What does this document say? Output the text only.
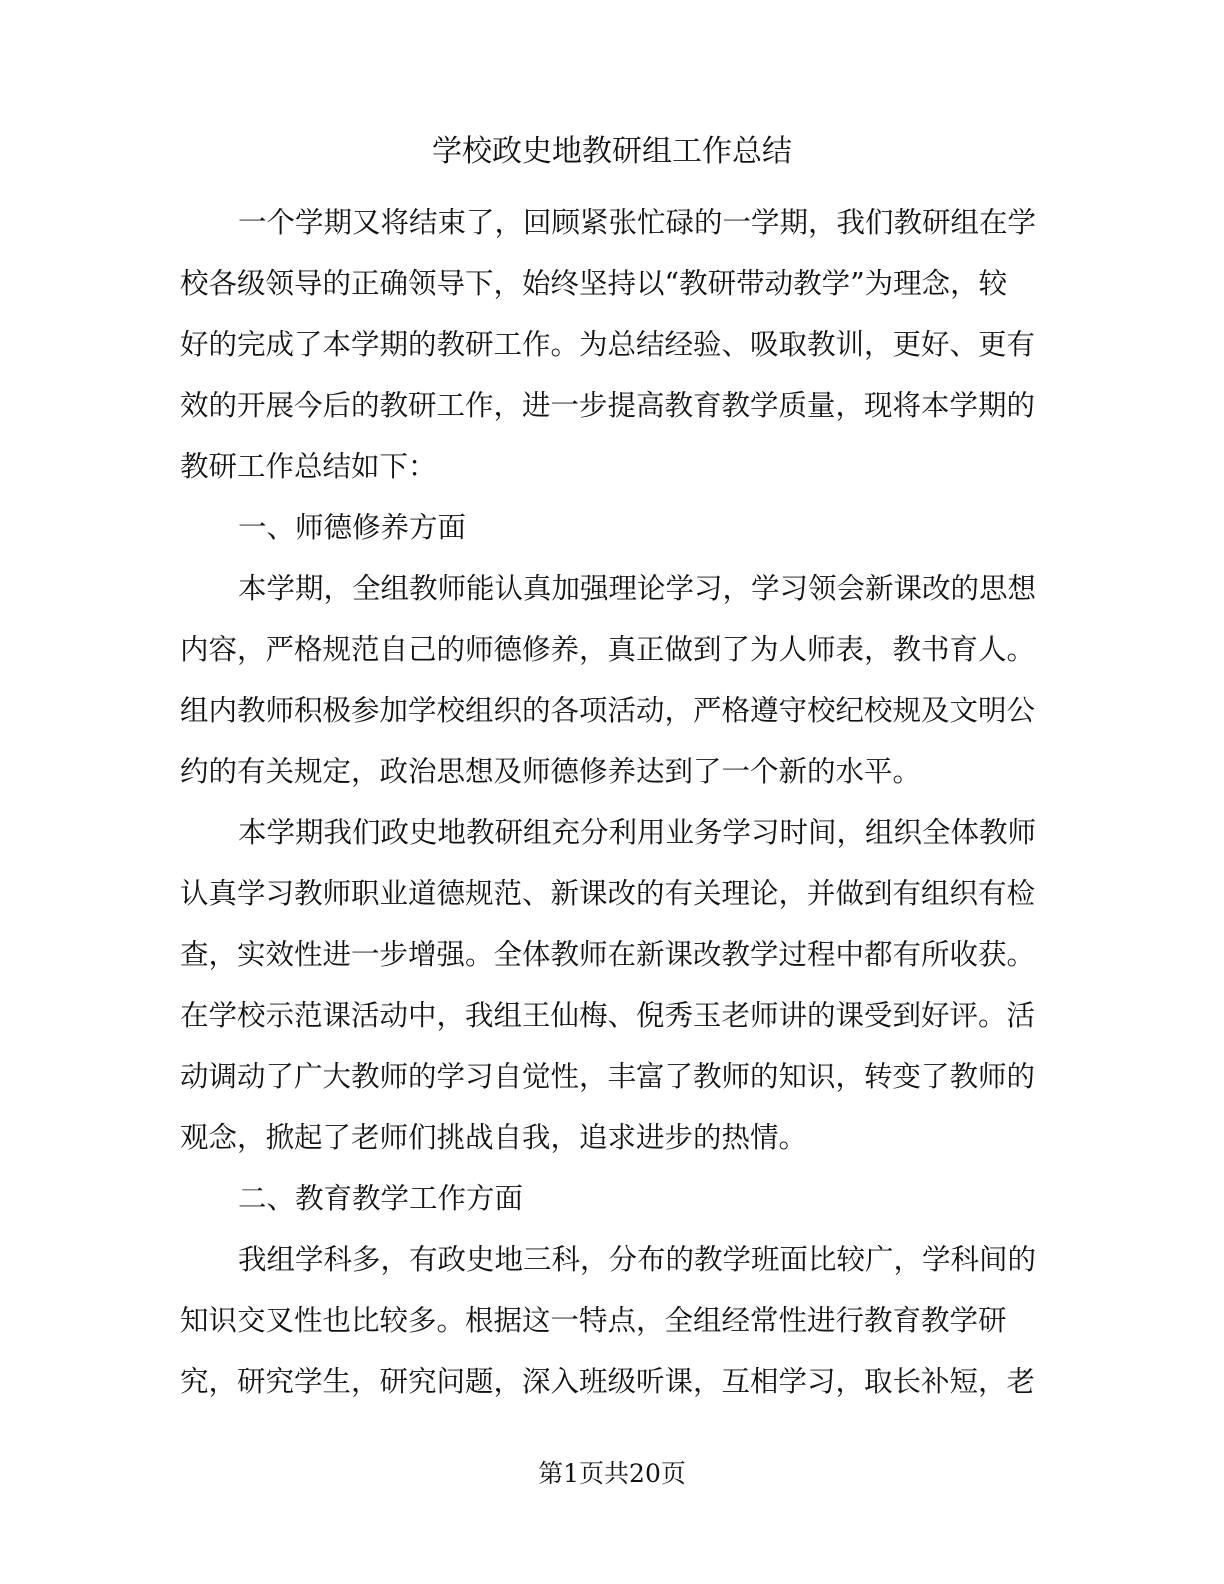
学校政史地教研组工作总结

一个学期又将结束了，回顾紧张忙碌的一学期，我们教研组在学

校各级领导的正确领导下，始终坚持以“教研带动教学”为理念，较

好的完成了本学期的教研工作。为总结经验、吸取教训，更好、更有

效的开展今后的教研工作，进一步提高教育教学质量，现将本学期的

教研工作总结如下：

一、师德修养方面

本学期，全组教师能认真加强理论学习，学习领会新课改的思想

内容，严格规范自己的师德修养，真正做到了为人师表，教书育人。

组内教师积极参加学校组织的各项活动，严格遵守校纪校规及文明公

约的有关规定，政治思想及师德修养达到了一个新的水平。

本学期我们政史地教研组充分利用业务学习时间，组织全体教师

认真学习教师职业道德规范、新课改的有关理论，并做到有组织有检

查，实效性进一步增强。全体教师在新课改教学过程中都有所收获。

在学校示范课活动中，我组王仙梅、倪秀玉老师讲的课受到好评。活

动调动了广大教师的学习自觉性，丰富了教师的知识，转变了教师的

观念，掀起了老师们挑战自我，追求进步的热情。

二、教育教学工作方面

我组学科多，有政史地三科，分布的教学班面比较广，学科间的

知识交叉性也比较多。根据这一特点，全组经常性进行教育教学研

究，研究学生，研究问题，深入班级听课，互相学习，取长补短，老

第1页共20页
